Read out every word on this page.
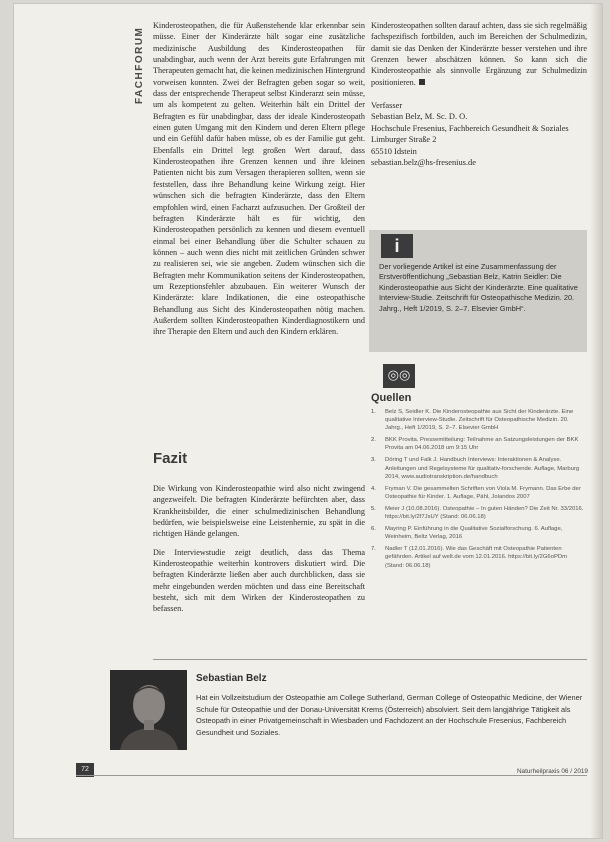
FACHFORUM

Kinderosteopathen, die für Außenstehende klar erkennbar sein müsse. Einer der Kinderärzte hält sogar eine zusätzliche medizinische Ausbildung des Kinderosteopathen für unabdingbar, auch wenn der Arzt bereits gute Erfahrungen mit Therapeuten gemacht hat, die keinen medizinischen Hintergrund vorweisen konnten. Zwei der Befragten geben sogar so weit, dass der entsprechende Therapeut selbst Kinderarzt sein müsse, um als kompetent zu gelten. Weiterhin hält ein Drittel der Befragten es für unabdingbar, dass der ideale Kinderosteopath einen guten Umgang mit den Kindern und deren Eltern pflege und ein Gefühl dafür haben müsse, ob es der Familie gut geht. Ebenfalls ein Drittel legt großen Wert darauf, dass Kinderosteopathen ihre Grenzen kennen und ihre kleinen Patienten nicht bis zum Versagen therapieren sollten, wenn sie feststellen, dass ihre Behandlung keine Wirkung zeigt. Hier wünschen sich die befragten Kinderärzte, dass den Eltern empfohlen wird, einen Facharzt aufzusuchen. Der Großteil der befragten Kinderärzte hält es für wichtig, den Kinderosteopathen persönlich zu kennen und diesem eventuell einmal bei einer Behandlung über die Schulter schauen zu können – auch wenn dies nicht mit zeitlichen Gründen schwer zu realisieren sei, wie sie angeben. Zudem wünschen sich die Befragten mehr Kommunikation seitens der Kinderosteopathen, um Rezeptionsfehler abzubauen. Ein weiterer Wunsch der Kinderärzte: klare Indikationen, die eine osteopathische Behandlung aus Sicht des Kinderosteopathen nötig machen. Außerdem sollten Kinderosteopathen Kinderdiagnostikern und ihre Therapie den Eltern und auch den Kindern erklären.

Fazit

Die Wirkung von Kinderosteopathie wird also nicht zwingend angezweifelt. Die befragten Kinderärzte befürchten aber, dass Krankheitsbilder, die einer schulmedizinischen Behandlung bedürfen, wie beispielsweise eine Leistenhernie, zu spät in die richtigen Hände gelangen.

Die Interviewstudie zeigt deutlich, dass das Thema Kinderosteopathie weiterhin kontrovers diskutiert wird. Die befragten Kinderärzte ließen aber auch durchblicken, dass sie mehr eingebunden werden möchten und dass eine Bereitschaft besteht, sich mit dem Wirken der Kinderosteopathen zu befassen.

Kinderosteopathen sollten darauf achten, dass sie sich regelmäßig fachspezifisch fortbilden, auch im Bereichen der Schulmedizin, damit sie das Denken der Kinderärzte besser verstehen und ihre Grenzen bewer abschätzen können. So kann sich die Kinderosteopathie als sinnvolle Ergänzung zur Schulmedizin positionieren.

Verfasser
Sebastian Belz, M. Sc. D. O.
Hochschule Fresenius, Fachbereich Gesundheit & Soziales
Limburger Straße 2
65510 Idstein
sebastian.belz@hs-fresenius.de
i
Der vorliegende Artikel ist eine Zusammenfassung der Erstveröffentlichung „Sebastian Belz, Katrin Seidler: Die Kinderosteopathie aus Sicht der Kinderärzte. Eine qualitative Interview-Studie. Zeitschrift für Osteopathische Medizin. 20. Jahrg., Heft 1/2019, S. 2–7. Elsevier GmbH“.
◎◎
Quellen
1.	Belz S, Seidler K. Die Kinderosteopathie aus Sicht der Kinderärzte. Eine qualitative Interview-Studie. Zeitschrift für Osteopathische Medizin. 20. Jahrg., Heft 1/2019, S. 2–7. Elsevier GmbH
2.	BKK Provita. Pressemitteilung: Teilnahme an Satzungsleistungen der BKK Provita am 04.06.2018 um 9:15 Uhr
3.	Döring T und Falk J. Handbuch Interviews: Interaktionen & Analyse. Anleitungen und Regelsysteme für qualitativ-forschende. Auflage, Marburg 2014, www.audiotranskription.de/handbuch
4.	Fryman V. Die gesammelten Schriften von Viola M. Frymann. Das Erbe der Osteopathie für Kinder. 1. Auflage, Pähl, Jolandos 2007
5.	Meier J (10.08.2016). Osteopathie – In guten Händen? Die Zeit Nr. 33/2016. https://bit.ly/2f7JsUY (Stand: 06.06.18)
6.	Mayring P. Einführung in die Qualitative Sozialforschung. 6. Auflage, Weinheim, Beltz Verlag, 2016
7.	Nadler T (12.01.2016). Wie das Geschäft mit Osteopathie Patienten gefährden. Artikel auf welt.de vom 12.01.2016. https://bit.ly/2G6oPDm (Stand: 06.06.18)
Sebastian Belz
Hat ein Vollzeitstudium der Osteopathie am College Sutherland, German College of Osteopathic Medicine, der Wiener Schule für Osteopathie und der Donau-Universität Krems (Österreich) absolviert. Seit dem langjährige Tätigkeit als Osteopath in einer Privatgemeinschaft in Wiesbaden und Fachdozent an der Hochschule Fresenius, Fachbereich Gesundheit und Soziales.
72	Naturheilpraxis 06 / 2019
